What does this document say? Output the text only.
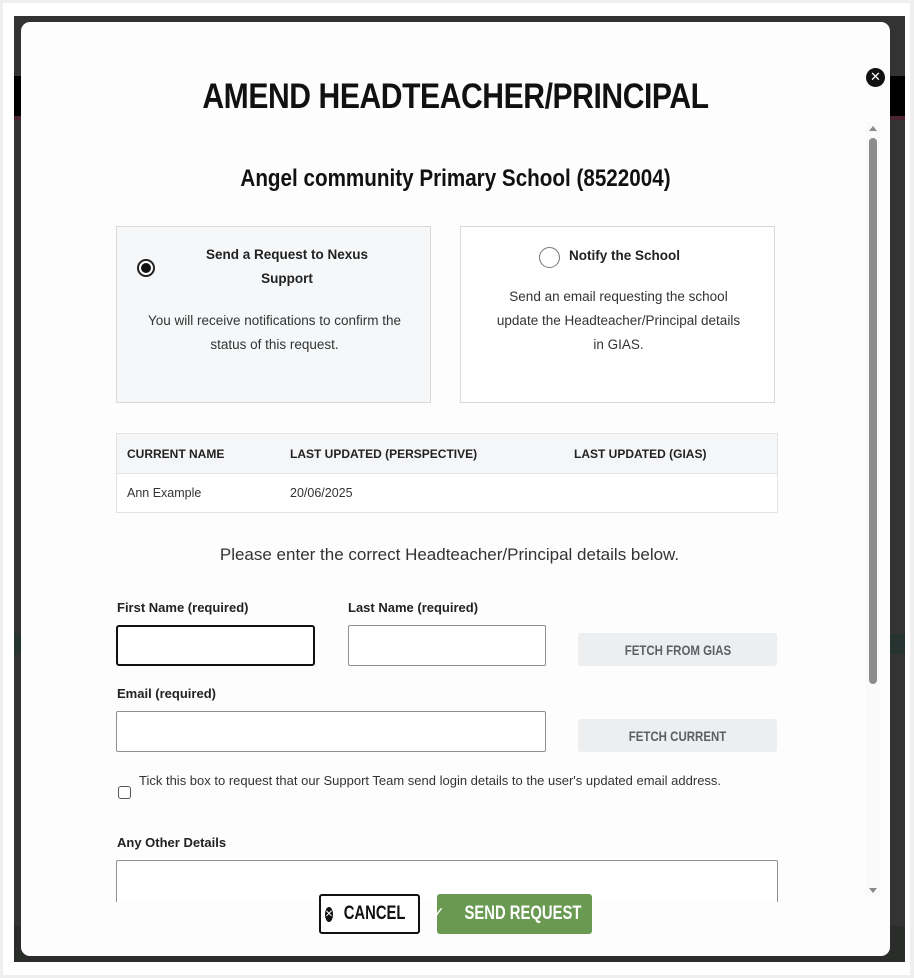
✕
AMEND HEADTEACHER/PRINCIPAL
Angel community Primary School (8522004)
Send a Request to Nexus Support
You will receive notifications to confirm the status of this request.
Notify the School
Send an email requesting the school update the Headteacher/Principal details in GIAS.
CURRENT NAME	LAST UPDATED (PERSPECTIVE)	LAST UPDATED (GIAS)
Ann Example	20/06/2025	
Please enter the correct Headteacher/Principal details below.
First Name (required)	Last Name (required)
FETCH FROM GIAS
Email (required)
FETCH CURRENT
Tick this box to request that our Support Team send login details to the user's updated email address.
Any Other Details
✕ CANCEL ✓ SEND REQUEST
